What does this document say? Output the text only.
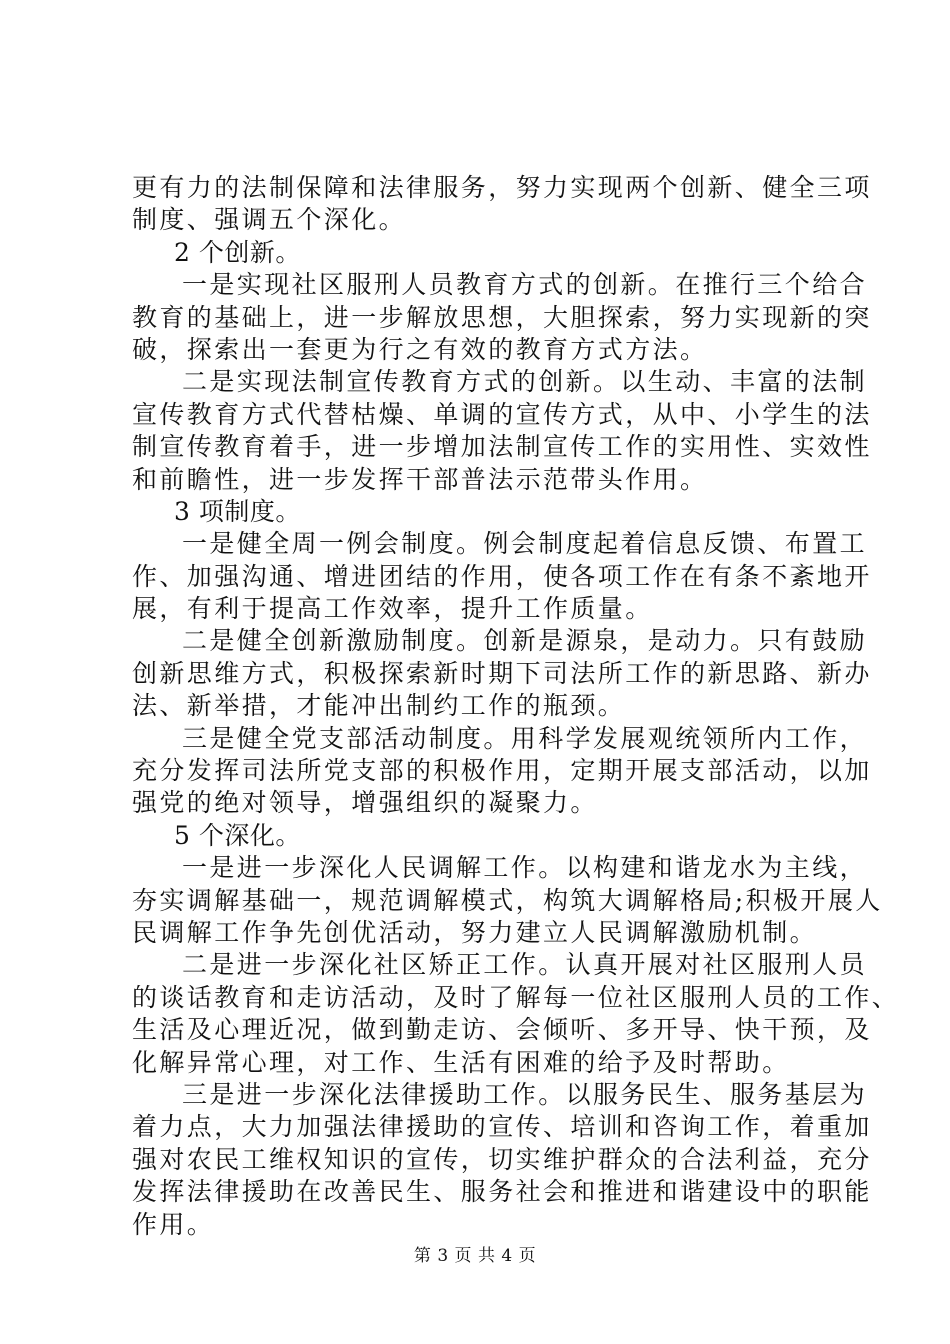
更有力的法制保障和法律服务，努力实现两个创新、健全三项
制度、强调五个深化。
2 个创新。
一是实现社区服刑人员教育方式的创新。在推行三个给合
教育的基础上，进一步解放思想，大胆探索，努力实现新的突
破，探索出一套更为行之有效的教育方式方法。
二是实现法制宣传教育方式的创新。以生动、丰富的法制
宣传教育方式代替枯燥、单调的宣传方式，从中、小学生的法
制宣传教育着手，进一步增加法制宣传工作的实用性、实效性
和前瞻性，进一步发挥干部普法示范带头作用。
3 项制度。
一是健全周一例会制度。例会制度起着信息反馈、布置工
作、加强沟通、增进团结的作用，使各项工作在有条不紊地开
展，有利于提高工作效率，提升工作质量。
二是健全创新激励制度。创新是源泉，是动力。只有鼓励
创新思维方式，积极探索新时期下司法所工作的新思路、新办
法、新举措，才能冲出制约工作的瓶颈。
三是健全党支部活动制度。用科学发展观统领所内工作，
充分发挥司法所党支部的积极作用，定期开展支部活动，以加
强党的绝对领导，增强组织的凝聚力。
5 个深化。
一是进一步深化人民调解工作。以构建和谐龙水为主线，
夯实调解基础一，规范调解模式，构筑大调解格局;积极开展人
民调解工作争先创优活动，努力建立人民调解激励机制。
二是进一步深化社区矫正工作。认真开展对社区服刑人员
的谈话教育和走访活动，及时了解每一位社区服刑人员的工作、
生活及心理近况，做到勤走访、会倾听、多开导、快干预，及
化解异常心理，对工作、生活有困难的给予及时帮助。
三是进一步深化法律援助工作。以服务民生、服务基层为
着力点，大力加强法律援助的宣传、培训和咨询工作，着重加
强对农民工维权知识的宣传，切实维护群众的合法利益，充分
发挥法律援助在改善民生、服务社会和推进和谐建设中的职能
作用。
第 3 页 共 4 页
